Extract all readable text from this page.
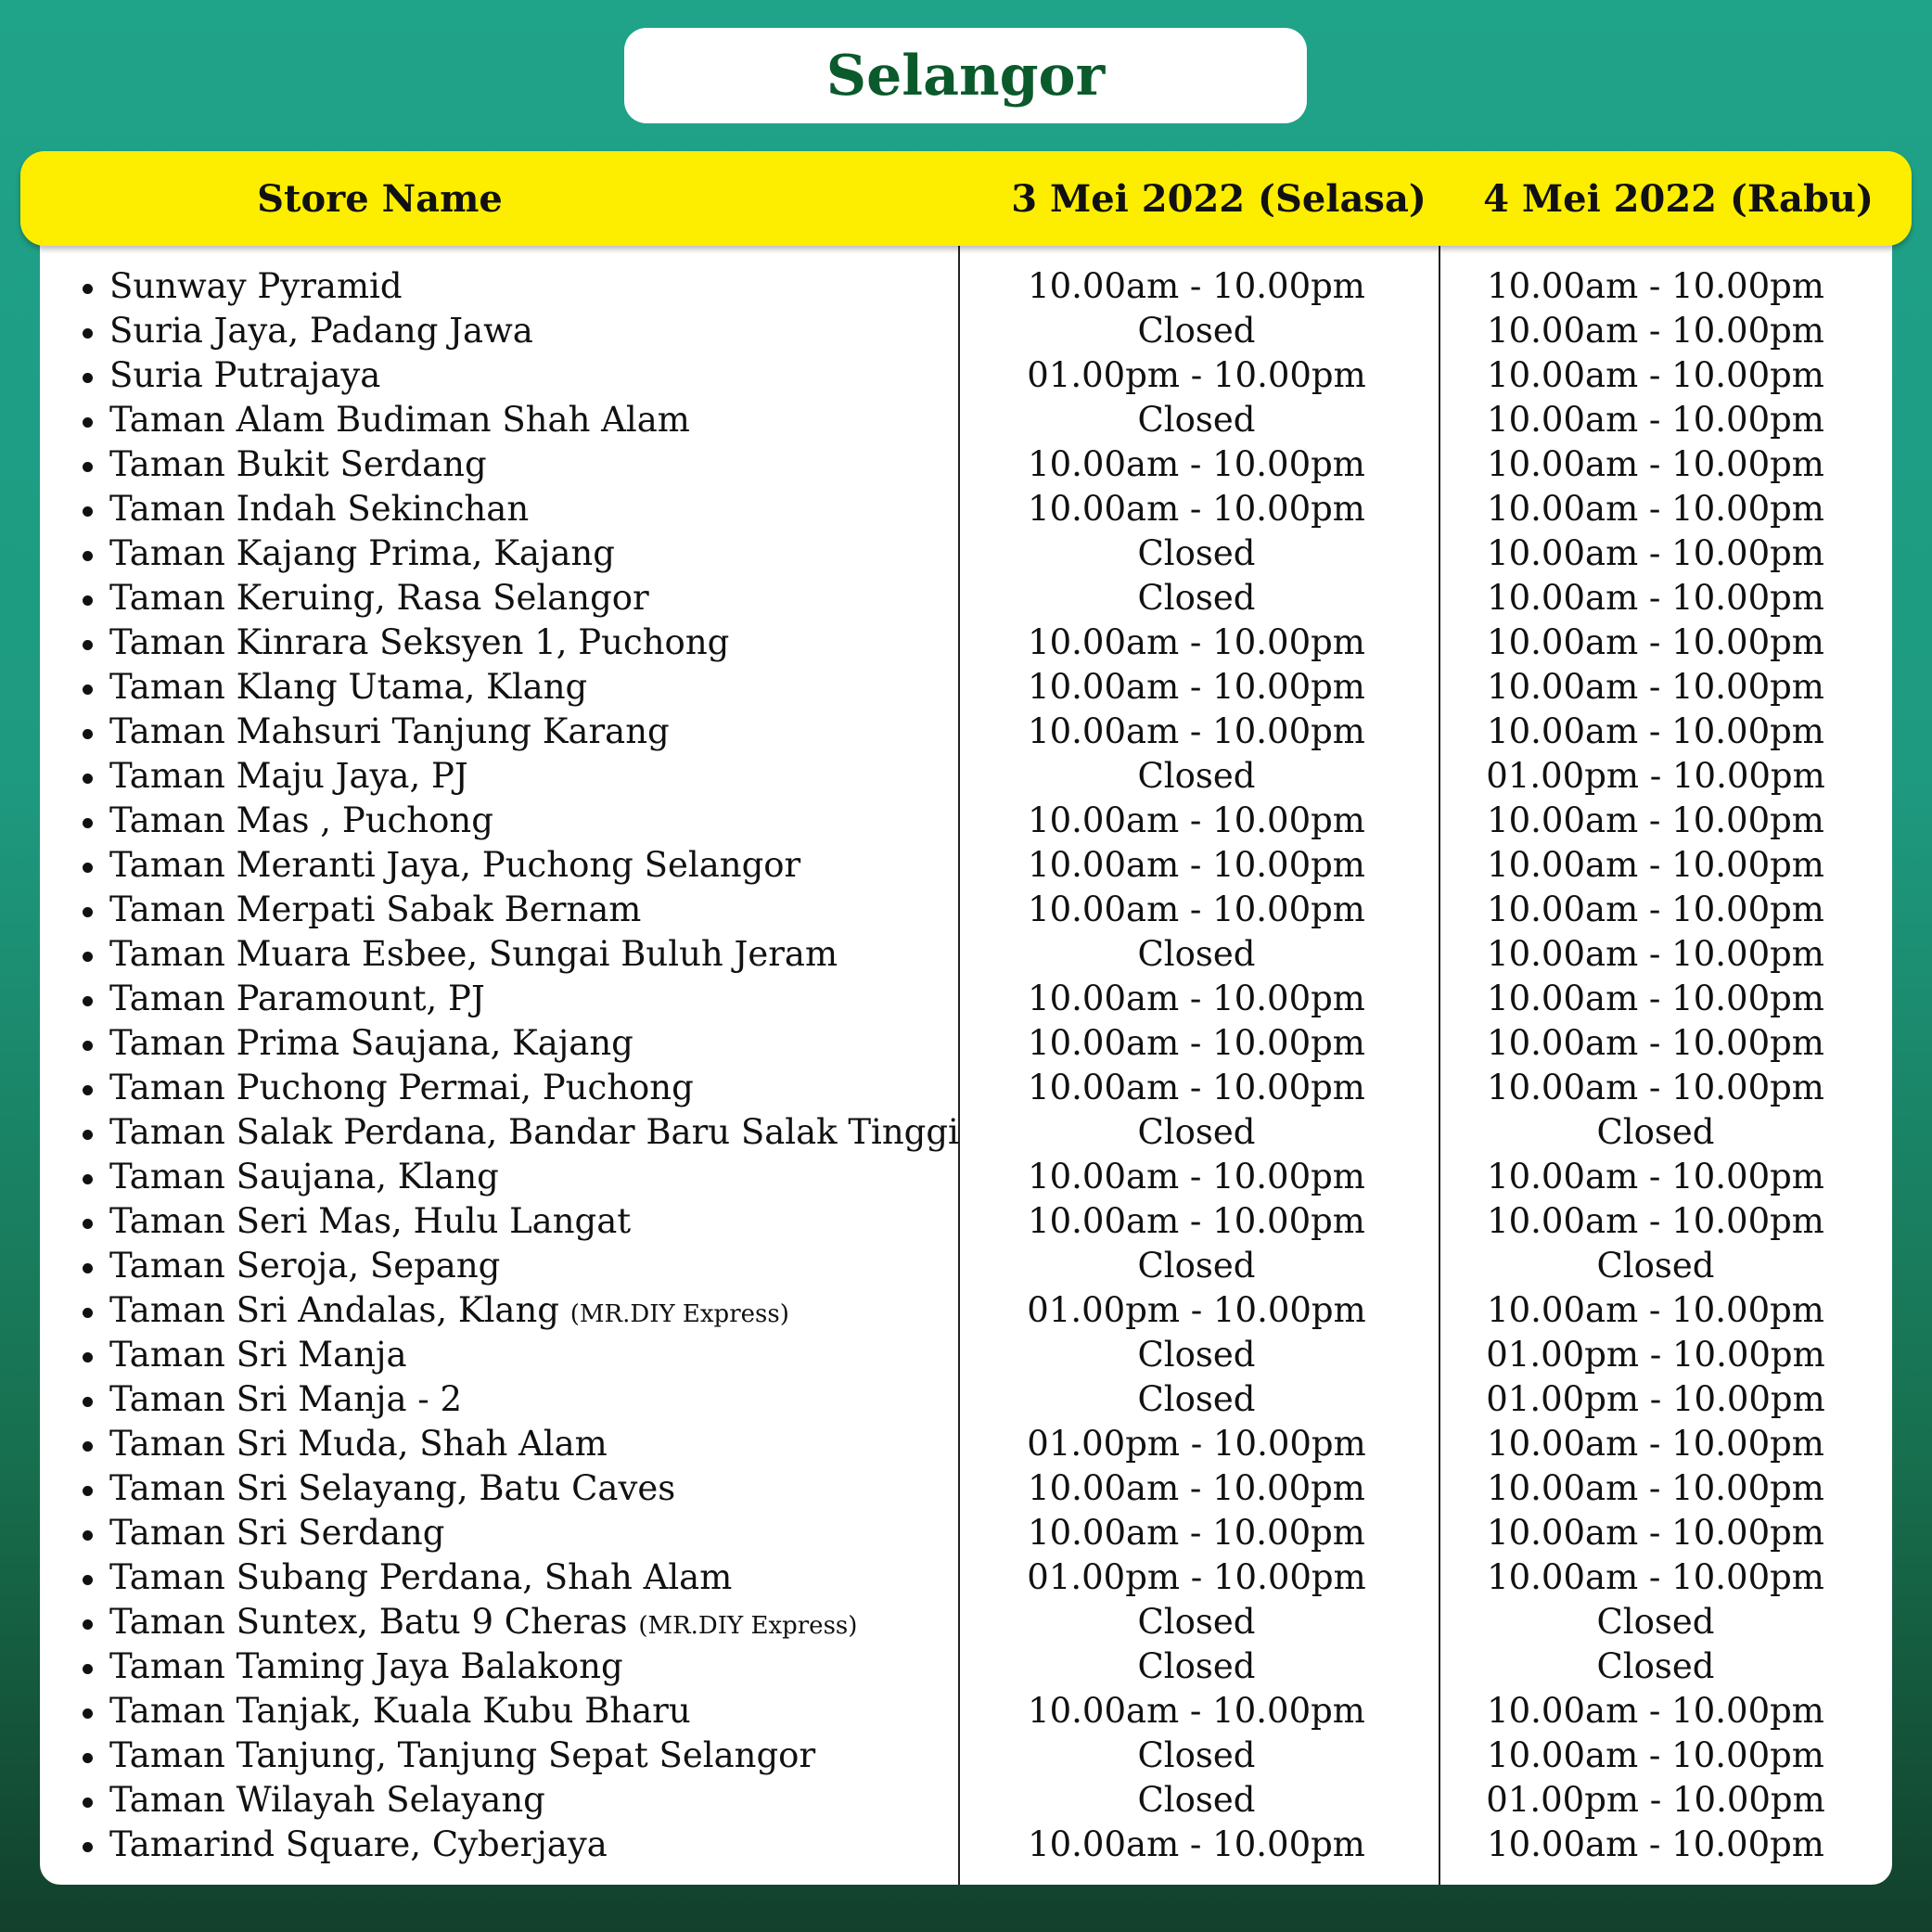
Selangor
Store Name	3 Mei 2022 (Selasa)	4 Mei 2022 (Rabu)
Sunway Pyramid	10.00am - 10.00pm	10.00am - 10.00pm
Suria Jaya, Padang Jawa	Closed	10.00am - 10.00pm
Suria Putrajaya	01.00pm - 10.00pm	10.00am - 10.00pm
Taman Alam Budiman Shah Alam	Closed	10.00am - 10.00pm
Taman Bukit Serdang	10.00am - 10.00pm	10.00am - 10.00pm
Taman Indah Sekinchan	10.00am - 10.00pm	10.00am - 10.00pm
Taman Kajang Prima, Kajang	Closed	10.00am - 10.00pm
Taman Keruing, Rasa Selangor	Closed	10.00am - 10.00pm
Taman Kinrara Seksyen 1, Puchong	10.00am - 10.00pm	10.00am - 10.00pm
Taman Klang Utama, Klang	10.00am - 10.00pm	10.00am - 10.00pm
Taman Mahsuri Tanjung Karang	10.00am - 10.00pm	10.00am - 10.00pm
Taman Maju Jaya, PJ	Closed	01.00pm - 10.00pm
Taman Mas , Puchong	10.00am - 10.00pm	10.00am - 10.00pm
Taman Meranti Jaya, Puchong Selangor	10.00am - 10.00pm	10.00am - 10.00pm
Taman Merpati Sabak Bernam	10.00am - 10.00pm	10.00am - 10.00pm
Taman Muara Esbee, Sungai Buluh Jeram	Closed	10.00am - 10.00pm
Taman Paramount, PJ	10.00am - 10.00pm	10.00am - 10.00pm
Taman Prima Saujana, Kajang	10.00am - 10.00pm	10.00am - 10.00pm
Taman Puchong Permai, Puchong	10.00am - 10.00pm	10.00am - 10.00pm
Taman Salak Perdana, Bandar Baru Salak Tinggi	Closed	Closed
Taman Saujana, Klang	10.00am - 10.00pm	10.00am - 10.00pm
Taman Seri Mas, Hulu Langat	10.00am - 10.00pm	10.00am - 10.00pm
Taman Seroja, Sepang	Closed	Closed
Taman Sri Andalas, Klang (MR.DIY Express)	01.00pm - 10.00pm	10.00am - 10.00pm
Taman Sri Manja	Closed	01.00pm - 10.00pm
Taman Sri Manja - 2	Closed	01.00pm - 10.00pm
Taman Sri Muda, Shah Alam	01.00pm - 10.00pm	10.00am - 10.00pm
Taman Sri Selayang, Batu Caves	10.00am - 10.00pm	10.00am - 10.00pm
Taman Sri Serdang	10.00am - 10.00pm	10.00am - 10.00pm
Taman Subang Perdana, Shah Alam	01.00pm - 10.00pm	10.00am - 10.00pm
Taman Suntex, Batu 9 Cheras (MR.DIY Express)	Closed	Closed
Taman Taming Jaya Balakong	Closed	Closed
Taman Tanjak, Kuala Kubu Bharu	10.00am - 10.00pm	10.00am - 10.00pm
Taman Tanjung, Tanjung Sepat Selangor	Closed	10.00am - 10.00pm
Taman Wilayah Selayang	Closed	01.00pm - 10.00pm
Tamarind Square, Cyberjaya	10.00am - 10.00pm	10.00am - 10.00pm
